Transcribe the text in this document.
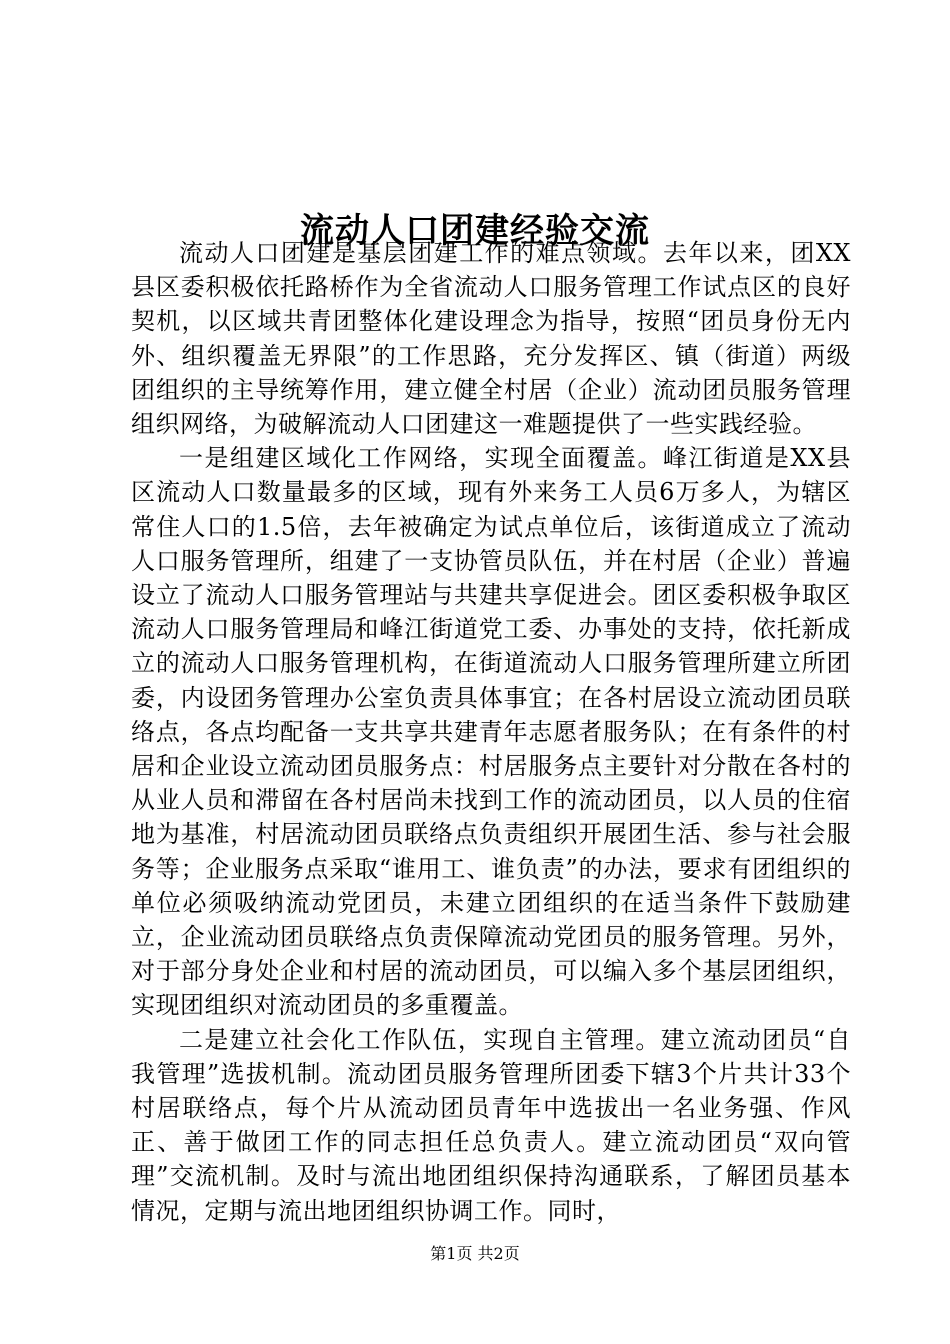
流动人口团建经验交流

流动人口团建是基层团建工作的难点领域。去年以来，团XX县区委积极依托路桥作为全省流动人口服务管理工作试点区的良好契机，以区域共青团整体化建设理念为指导，按照“团员身份无内外、组织覆盖无界限”的工作思路，充分发挥区、镇（街道）两级团组织的主导统筹作用，建立健全村居（企业）流动团员服务管理组织网络，为破解流动人口团建这一难题提供了一些实践经验。

一是组建区域化工作网络，实现全面覆盖。峰江街道是XX县区流动人口数量最多的区域，现有外来务工人员6万多人，为辖区常住人口的1.5倍，去年被确定为试点单位后，该街道成立了流动人口服务管理所，组建了一支协管员队伍，并在村居（企业）普遍设立了流动人口服务管理站与共建共享促进会。团区委积极争取区流动人口服务管理局和峰江街道党工委、办事处的支持，依托新成立的流动人口服务管理机构，在街道流动人口服务管理所建立所团委，内设团务管理办公室负责具体事宜；在各村居设立流动团员联络点，各点均配备一支共享共建青年志愿者服务队；在有条件的村居和企业设立流动团员服务点：村居服务点主要针对分散在各村的从业人员和滞留在各村居尚未找到工作的流动团员，以人员的住宿地为基准，村居流动团员联络点负责组织开展团生活、参与社会服务等；企业服务点采取“谁用工、谁负责”的办法，要求有团组织的单位必须吸纳流动党团员，未建立团组织的在适当条件下鼓励建立，企业流动团员联络点负责保障流动党团员的服务管理。另外，对于部分身处企业和村居的流动团员，可以编入多个基层团组织，实现团组织对流动团员的多重覆盖。

二是建立社会化工作队伍，实现自主管理。建立流动团员“自我管理”选拔机制。流动团员服务管理所团委下辖3个片共计33个村居联络点，每个片从流动团员青年中选拔出一名业务强、作风正、善于做团工作的同志担任总负责人。建立流动团员“双向管理”交流机制。及时与流出地团组织保持沟通联系，了解团员基本情况，定期与流出地团组织协调工作。同时，

第1页 共2页
